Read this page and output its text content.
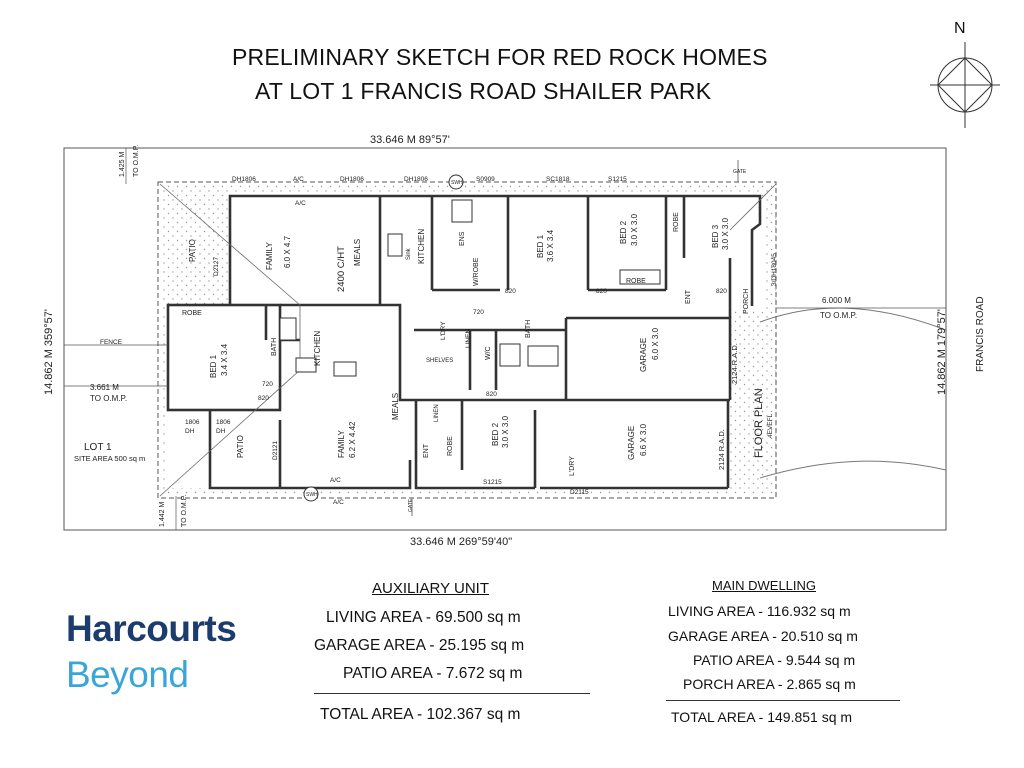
PRELIMINARY SKETCH FOR RED ROCK HOMES
AT LOT 1 FRANCIS ROAD SHAILER PARK
N
33.646 M 89°57'
33.646 M 269°59'40"
14.862 M 359°57'	14.862 M 179°57'	FRANCIS ROAD
LOT 1
SITE AREA 500 sq m
FENCE
1.425 M TO O.M.P.
3.661 M
TO O.M.P.
6.000 M
TO O.M.P.
1.442 M TO O.M.P.
FLOOR PLAN 4EVEFL
PATIO	FAMILY 6.0 X 4.7	2400 C/HT MEALS	KITCHEN
Sink
ENS
W/ROBE
BED 1 3.6 X 3.4	BED 2 3.0 X 3.0	BED 3 3.0 X 3.0
ROBE
ROBE
ENT	PORCH
GARAGE 6.0 X 3.0	2124 R.A.D.
BATH
W/C
L'DRY	LINEN
SHELVES
ROBE
BED 1 3.4 X 3.4	BATH	KITCHEN
MEALS
FAMILY 6.2 X 4.42
PATIO	ENT ROBE
LINEN
BED 2 3.0 X 3.0
L'DRY
GARAGE 6.6 X 3.0	2124 R.A.D.
DH1806	DH1806	DH1806	S0909	SC1818	S1215
A/C
A/C
SWH
GATE
3/DH18045
D2127
D2121
S1215
D2115
A/C
A/C
SWH
GATE
1806
DH
1806
DH
820	820	820
820
820
720
720
AUXILIARY UNIT
LIVING AREA - 69.500 sq m
GARAGE AREA - 25.195 sq m
PATIO AREA - 7.672 sq m
TOTAL AREA - 102.367 sq m
MAIN DWELLING
LIVING AREA - 116.932 sq m
GARAGE AREA - 20.510 sq m
PATIO AREA - 9.544 sq m
PORCH AREA - 2.865 sq m
TOTAL AREA - 149.851 sq m
Harcourts
Beyond
